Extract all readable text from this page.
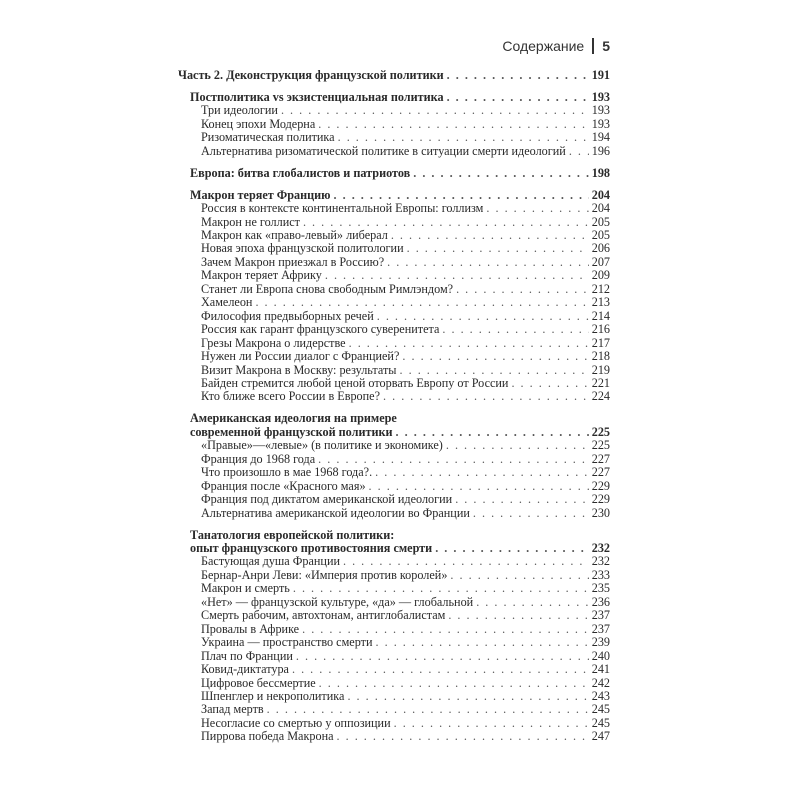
Содержание 5
Часть 2. Деконструкция французской политики . . .	191
Постполитика vs экзистенциальная политика . . .	193
Три идеологии . . .	193
Конец эпохи Модерна . . .	193
Ризоматическая политика . . .	194
Альтернатива ризоматической политике в ситуации смерти идеологий . . . 196
Европа: битва глобалистов и патриотов . . .	198
Макрон теряет Францию . . .	204
Россия в контексте континентальной Европы: голлизм . . .	204
Макрон не голлист . . .	205
Макрон как «право-левый» либерал . . .	205
Новая эпоха французской политологии . . .	206
Зачем Макрон приезжал в Россию? . . .	207
Макрон теряет Африку . . .	209
Станет ли Европа снова свободным Римлэндом? . . .	212
Хамелеон . . .	213
Философия предвыборных речей . . .	214
Россия как гарант французского суверенитета . . .	216
Грезы Макрона о лидерстве . . .	217
Нужен ли России диалог с Францией? . . .	218
Визит Макрона в Москву: результаты . . .	219
Байден стремится любой ценой оторвать Европу от России . . .	221
Кто ближе всего России в Европе? . . .	224
Американская идеология на примере
современной французской политики . . .	225
«Правые»—«левые» (в политике и экономике) . . .	225
Франция до 1968 года . . .	227
Что произошло в мае 1968 года?. . . .	227
Франция после «Красного мая» . . .	229
Франция под диктатом американской идеологии . . .	229
Альтернатива американской идеологии во Франции . . .	230
Танатология европейской политики:
опыт французского противостояния смерти . . .	232
Бастующая душа Франции . . .	232
Бернар-Анри Леви: «Империя против королей» . . .	233
Макрон и смерть . . .	235
«Нет» — французской культуре, «да» — глобальной . . .	236
Смерть рабочим, автохтонам, антиглобалистам . . .	237
Провалы в Африке . . .	237
Украина — пространство смерти . . .	239
Плач по Франции . . .	240
Ковид-диктатура . . .	241
Цифровое бессмертие . . .	242
Шпенглер и некрополитика . . .	243
Запад мертв . . .	245
Несогласие со смертью у оппозиции . . .	245
Пиррова победа Макрона . . .	247
